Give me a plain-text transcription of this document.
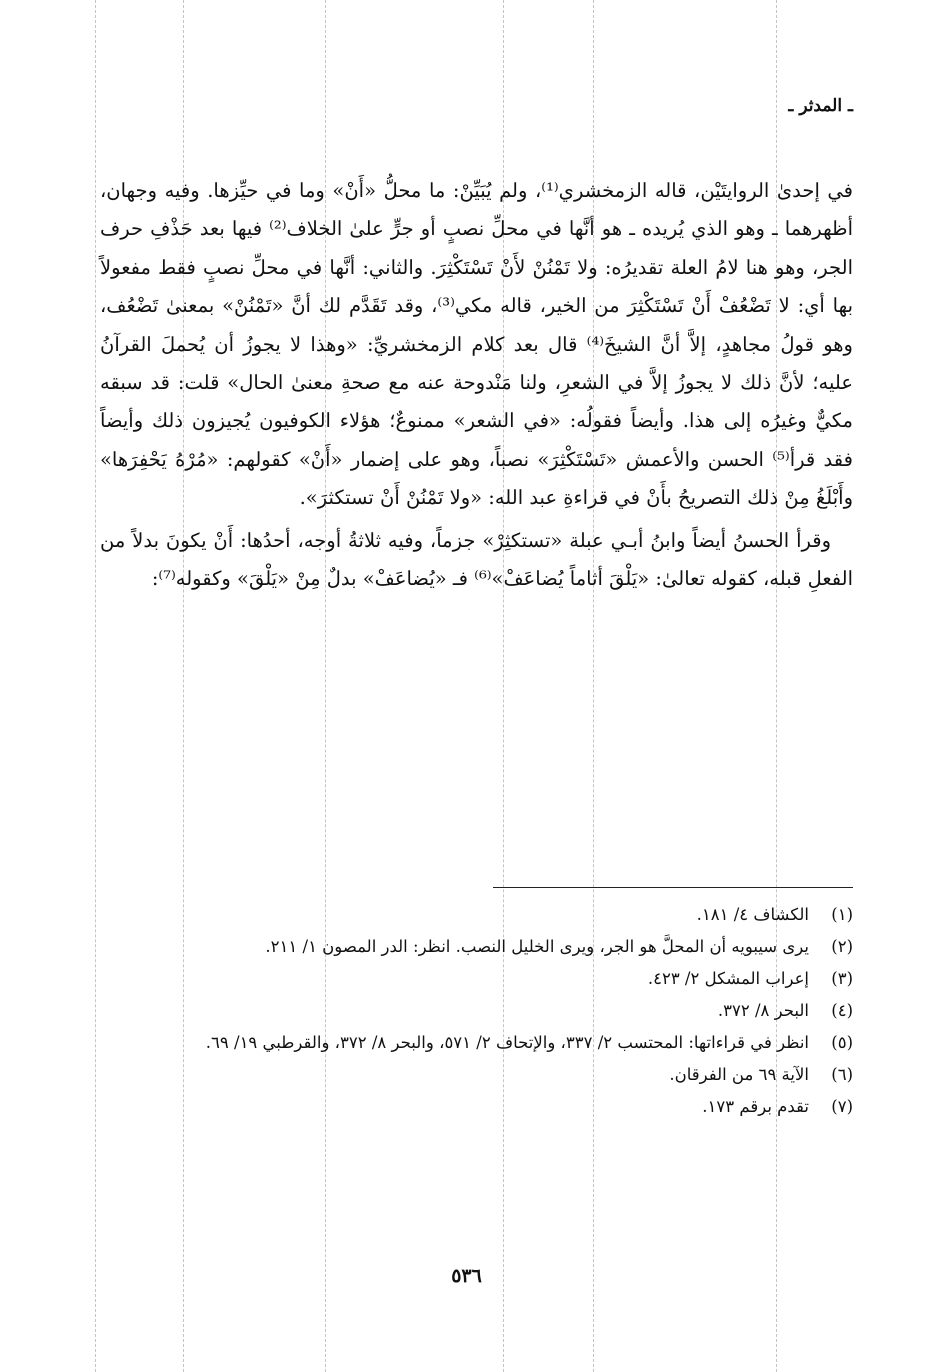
ـ المدثر ـ

في إحدىٰ الروايتَيْن، قاله الزمخشري⁽¹⁾، ولم يُبَيِّنْ: ما محلُّ «أَنْ» وما في حيِّزها. وفيه وجهان، أظهرهما ـ وهو الذي يُريده ـ هو أنَّها في محلِّ نصبٍ أو جرٍّ علىٰ الخلاف⁽²⁾ فيها بعد حَذْفِ حرف الجر، وهو هنا لامُ العلة تقديرُه: ولا تَمْنُنْ لأَنْ تَسْتَكْثِرَ. والثاني: أنَّها في محلِّ نصبٍ فقط مفعولاً بها أي: لا تَضْعُفْ أَنْ تَسْتَكْثِرَ من الخير، قاله مكي⁽³⁾، وقد تَقَدَّم لك أنَّ «تَمْنُنْ» بمعنىٰ تَضْعُف، وهو قولُ مجاهدٍ، إلاَّ أنَّ الشيخَ⁽⁴⁾ قال بعد كلام الزمخشريِّ: «وهذا لا يجوزُ أن يُحملَ القرآنُ عليه؛ لأنَّ ذلك لا يجوزُ إلاَّ في الشعرِ، ولنا مَنْدوحة عنه مع صحةِ معنىٰ الحال» قلت: قد سبقه مكيٌّ وغيرُه إلى هذا. وأيضاً فقولُه: «في الشعر» ممنوعٌ؛ هؤلاء الكوفيون يُجيزون ذلك وأيضاً فقد قرأ⁽⁵⁾ الحسن والأعمش «تَسْتَكْثِرَ» نصباً، وهو على إضمار «أَنْ» كقولهم: «مُرْهُ يَحْفِرَها» وأَبْلَغُ مِنْ ذلك التصريحُ بأَنْ في قراءةِ عبد الله: «ولا تَمْنُنْ أَنْ تستكثرَ».

وقرأ الحسنُ أيضاً وابنُ أبـي عبلة «تستكثِرْ» جزماً، وفيه ثلاثةُ أوجه، أحدُها: أَنْ يكونَ بدلاً من الفعلِ قبله، كقوله تعالىٰ: «يَلْقَ أثاماً يُضاعَفْ»⁽⁶⁾ فـ «يُضاعَفْ» بدلٌ مِنْ «يَلْقَ» وكقوله⁽⁷⁾:

(١)
الكشاف ٤/ ١٨١.
(٢)
يرى سيبويه أن المحلَّ هو الجر، ويرى الخليل النصب. انظر: الدر المصون ١/ ٢١١.
(٣)
إعراب المشكل ٢/ ٤٢٣.
(٤)
البحر ٨/ ٣٧٢.
(٥)
انظر في قراءاتها: المحتسب ٢/ ٣٣٧، والإتحاف ٢/ ٥٧١، والبحر ٨/ ٣٧٢، والقرطبي ١٩/ ٦٩.
(٦)
الآية ٦٩ من الفرقان.
(٧)
تقدم برقم ١٧٣.
٥٣٦
